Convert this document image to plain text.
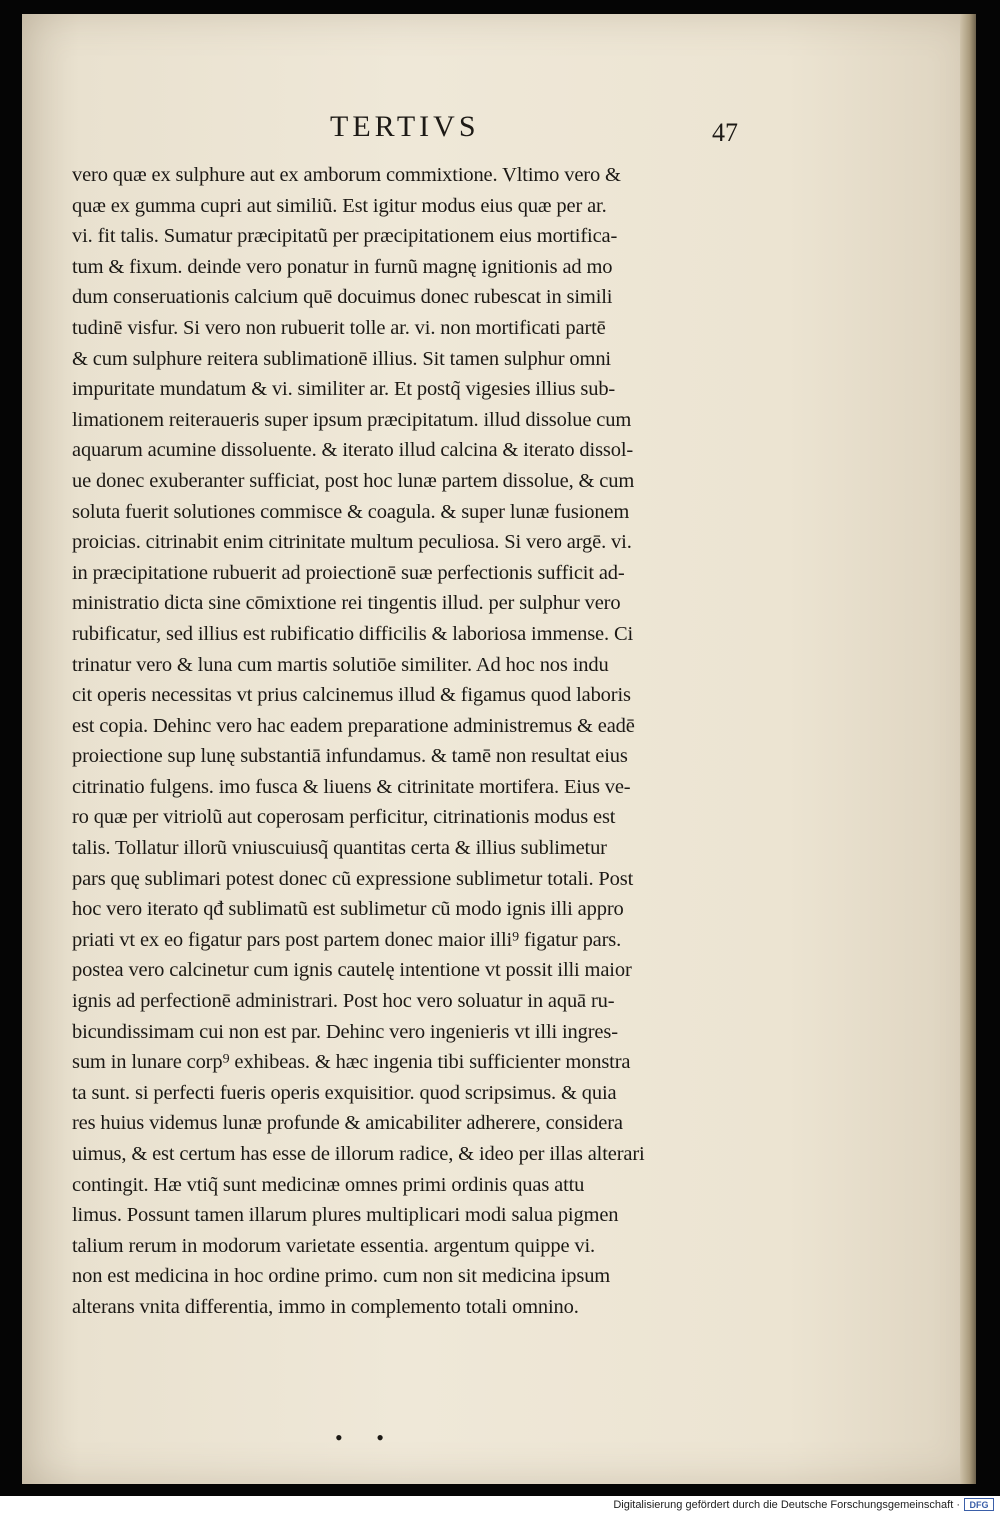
TERTIVS	47
vero quæ ex sulphure aut ex amborum commixtione. Vltimo vero &
quæ ex gumma cupri aut similiũ. Est igitur modus eius quæ per ar.
vi. fit talis. Sumatur præcipitatũ per præcipitationem eius mortifica-
tum & fixum. deinde vero ponatur in furnũ magnę ignitionis ad mo
dum conseruationis calcium quē docuimus donec rubescat in simili
tudinē visfur. Si vero non rubuerit tolle ar. vi. non mortificati partē
& cum sulphure reitera sublimationē illius. Sit tamen sulphur omni
impuritate mundatum & vi. similiter ar. Et postq̃ vigesies illius sub-
limationem reiteraueris super ipsum præcipitatum. illud dissolue cum
aquarum acumine dissoluente. & iterato illud calcina & iterato dissol-
ue donec exuberanter sufficiat, post hoc lunæ partem dissolue, & cum
soluta fuerit solutiones commisce & coagula. & super lunæ fusionem
proicias. citrinabit enim citrinitate multum peculiosa. Si vero argē. vi.
in præcipitatione rubuerit ad proiectionē suæ perfectionis sufficit ad-
ministratio dicta sine cōmixtione rei tingentis illud. per sulphur vero
rubificatur, sed illius est rubificatio difficilis & laboriosa immense. Ci
trinatur vero & luna cum martis solutiōe similiter. Ad hoc nos indu
cit operis necessitas vt prius calcinemus illud & figamus quod laboris
est copia. Dehinc vero hac eadem preparatione administremus & eadē
proiectione sup lunę substantiā infundamus. & tamē non resultat eius
citrinatio fulgens. imo fusca & liuens & citrinitate mortifera. Eius ve-
ro quæ per vitriolũ aut coperosam perficitur, citrinationis modus est
talis. Tollatur illorũ vniuscuiusq̃ quantitas certa & illius sublimetur
pars quę sublimari potest donec cũ expressione sublimetur totali. Post
hoc vero iterato qđ sublimatũ est sublimetur cũ modo ignis illi appro
priati vt ex eo figatur pars post partem donec maior illi⁹ figatur pars.
postea vero calcinetur cum ignis cautelę intentione vt possit illi maior
ignis ad perfectionē administrari. Post hoc vero soluatur in aquā ru-
bicundissimam cui non est par. Dehinc vero ingenieris vt illi ingres-
sum in lunare corp⁹ exhibeas. & hæc ingenia tibi sufficienter monstra
ta sunt. si perfecti fueris operis exquisitior. quod scripsimus. & quia
res huius videmus lunæ profunde & amicabiliter adherere, considera
uimus, & est certum has esse de illorum radice, & ideo per illas alterari
contingit. Hæ vtiq̃ sunt medicinæ omnes primi ordinis quas attu
limus. Possunt tamen illarum plures multiplicari modi salua pigmen
talium rerum in modorum varietate essentia. argentum quippe vi.
non est medicina in hoc ordine primo. cum non sit medicina ipsum
alterans vnita differentia, immo in complemento totali omnino.
• •
Digitalisierung gefördert durch die Deutsche Forschungsgemeinschaft ·	DFG
